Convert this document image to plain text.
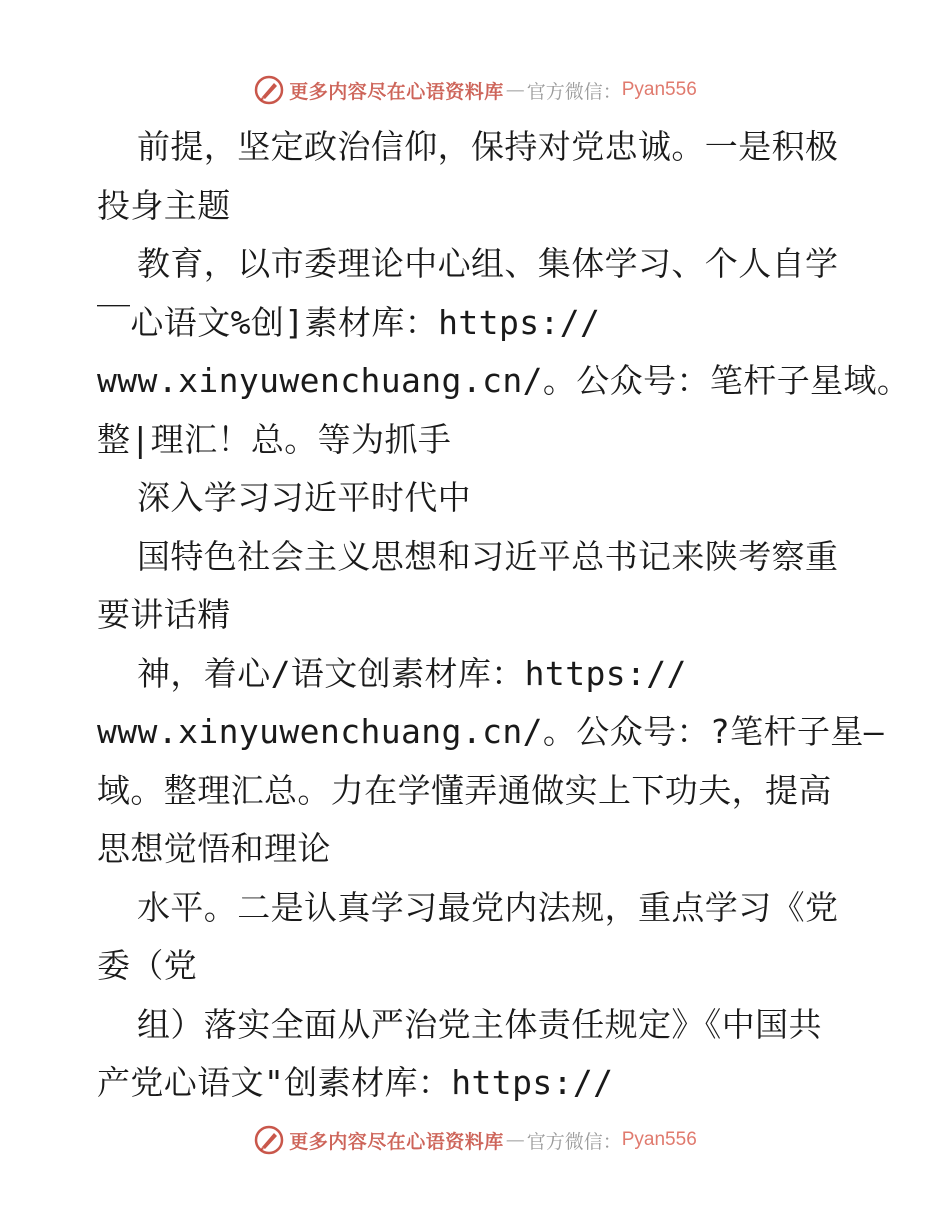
更多内容尽在心语资料库 — 官方微信： Pyan556
前提，坚定政治信仰，保持对党忠诚。一是积极
投身主题
教育，以市委理论中心组、集体学习、个人自学
￣心语文%创]素材库：https://
www.xinyuwenchuang.cn/。公众号：笔杆子星域。
整|理汇！总。等为抓手
深入学习习近平时代中
国特色社会主义思想和习近平总书记来陕考察重
要讲话精
神，着心/语文创素材库：https://
www.xinyuwenchuang.cn/。公众号：?笔杆子星—
域。整理汇总。力在学懂弄通做实上下功夫，提高
思想觉悟和理论
水平。二是认真学习最党内法规，重点学习《党
委（党
组）落实全面从严治党主体责任规定》《中国共
产党心语文"创素材库：https://
更多内容尽在心语资料库 — 官方微信： Pyan556
